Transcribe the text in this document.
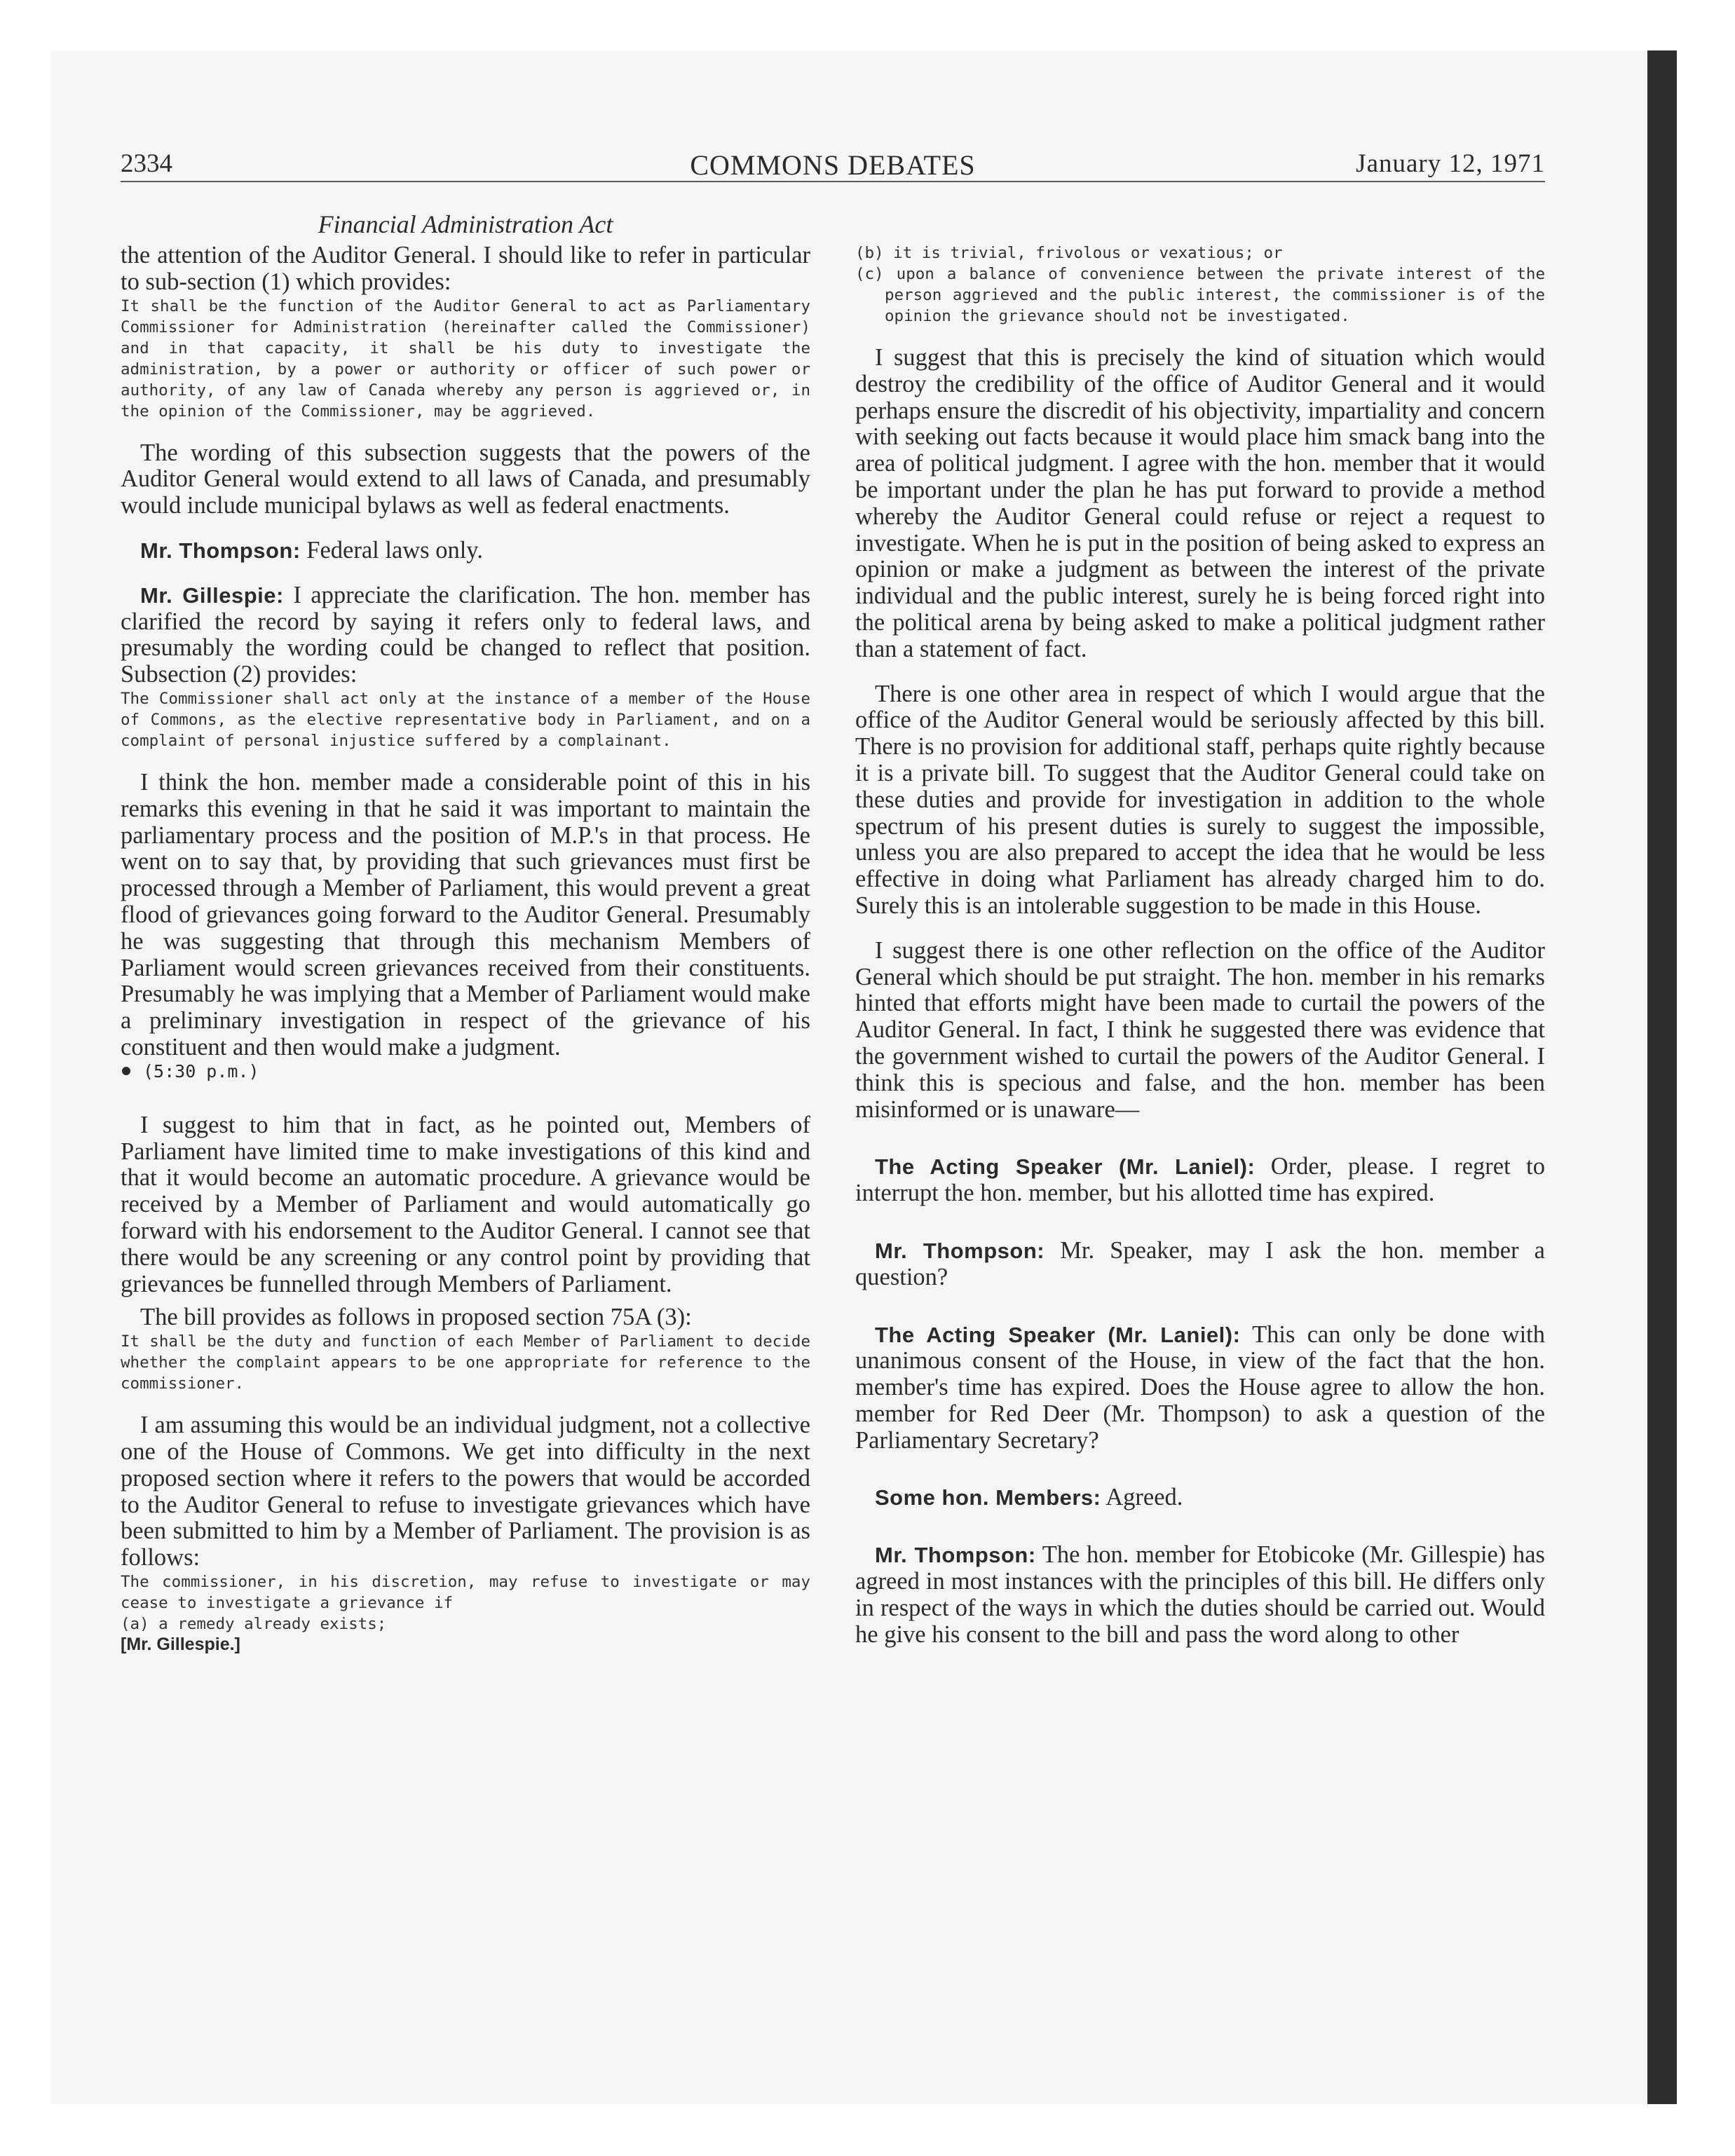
2334	COMMONS DEBATES	January 12, 1971

Financial Administration Act

the attention of the Auditor General. I should like to refer in particular to sub-section (1) which provides:

It shall be the function of the Auditor General to act as Parliamentary Commissioner for Administration (hereinafter called the Commissioner) and in that capacity, it shall be his duty to investigate the administration, by a power or authority or officer of such power or authority, of any law of Canada whereby any person is aggrieved or, in the opinion of the Commissioner, may be aggrieved.

The wording of this subsection suggests that the powers of the Auditor General would extend to all laws of Canada, and presumably would include municipal bylaws as well as federal enactments.

Mr. Thompson: Federal laws only.

Mr. Gillespie: I appreciate the clarification. The hon. member has clarified the record by saying it refers only to federal laws, and presumably the wording could be changed to reflect that position. Subsection (2) provides:

The Commissioner shall act only at the instance of a member of the House of Commons, as the elective representative body in Parliament, and on a complaint of personal injustice suffered by a complainant.

I think the hon. member made a considerable point of this in his remarks this evening in that he said it was important to maintain the parliamentary process and the position of M.P.'s in that process. He went on to say that, by providing that such grievances must first be processed through a Member of Parliament, this would prevent a great flood of grievances going forward to the Auditor General. Presumably he was suggesting that through this mechanism Members of Parliament would screen grievances received from their constituents. Presumably he was implying that a Member of Parliament would make a preliminary investigation in respect of the grievance of his constituent and then would make a judgment.

(5:30 p.m.)

I suggest to him that in fact, as he pointed out, Members of Parliament have limited time to make investigations of this kind and that it would become an automatic procedure. A grievance would be received by a Member of Parliament and would automatically go forward with his endorsement to the Auditor General. I cannot see that there would be any screening or any control point by providing that grievances be funnelled through Members of Parliament.

The bill provides as follows in proposed section 75A (3):

It shall be the duty and function of each Member of Parliament to decide whether the complaint appears to be one appropriate for reference to the commissioner.

I am assuming this would be an individual judgment, not a collective one of the House of Commons. We get into difficulty in the next proposed section where it refers to the powers that would be accorded to the Auditor General to refuse to investigate grievances which have been submitted to him by a Member of Parliament. The provision is as follows:

The commissioner, in his discretion, may refuse to investigate or may cease to investigate a grievance if

(a) a remedy already exists;

[Mr. Gillespie.]

(b) it is trivial, frivolous or vexatious; or
(c) upon a balance of convenience between the private interest of the person aggrieved and the public interest, the commissioner is of the opinion the grievance should not be investigated.

I suggest that this is precisely the kind of situation which would destroy the credibility of the office of Auditor General and it would perhaps ensure the discredit of his objectivity, impartiality and concern with seeking out facts because it would place him smack bang into the area of political judgment. I agree with the hon. member that it would be important under the plan he has put forward to provide a method whereby the Auditor General could refuse or reject a request to investigate. When he is put in the position of being asked to express an opinion or make a judgment as between the interest of the private individual and the public interest, surely he is being forced right into the political arena by being asked to make a political judgment rather than a statement of fact.

There is one other area in respect of which I would argue that the office of the Auditor General would be seriously affected by this bill. There is no provision for additional staff, perhaps quite rightly because it is a private bill. To suggest that the Auditor General could take on these duties and provide for investigation in addition to the whole spectrum of his present duties is surely to suggest the impossible, unless you are also prepared to accept the idea that he would be less effective in doing what Parliament has already charged him to do. Surely this is an intolerable suggestion to be made in this House.

I suggest there is one other reflection on the office of the Auditor General which should be put straight. The hon. member in his remarks hinted that efforts might have been made to curtail the powers of the Auditor General. In fact, I think he suggested there was evidence that the government wished to curtail the powers of the Auditor General. I think this is specious and false, and the hon. member has been misinformed or is unaware—

The Acting Speaker (Mr. Laniel): Order, please. I regret to interrupt the hon. member, but his allotted time has expired.

Mr. Thompson: Mr. Speaker, may I ask the hon. member a question?

The Acting Speaker (Mr. Laniel): This can only be done with unanimous consent of the House, in view of the fact that the hon. member's time has expired. Does the House agree to allow the hon. member for Red Deer (Mr. Thompson) to ask a question of the Parliamentary Secretary?

Some hon. Members: Agreed.

Mr. Thompson: The hon. member for Etobicoke (Mr. Gillespie) has agreed in most instances with the principles of this bill. He differs only in respect of the ways in which the duties should be carried out. Would he give his consent to the bill and pass the word along to other
